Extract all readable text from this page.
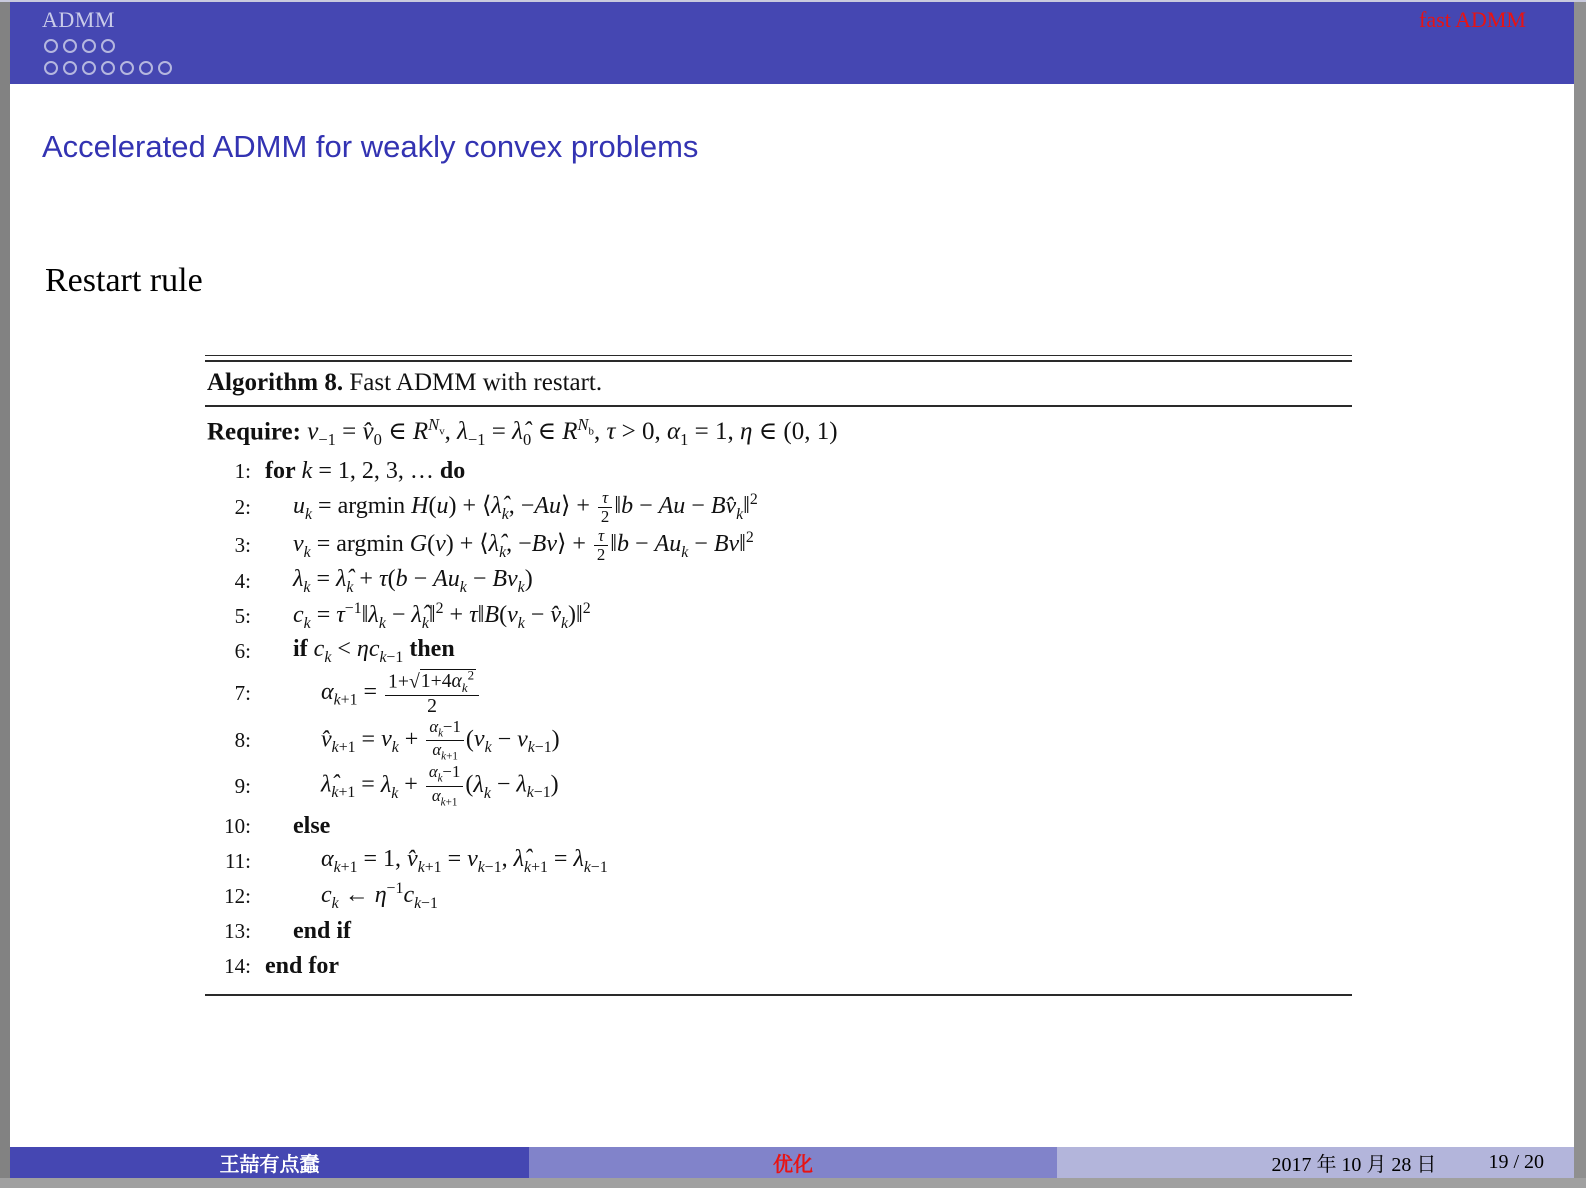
ADMM	fast ADMM
Accelerated ADMM for weakly convex problems
Restart rule
Algorithm 8. Fast ADMM with restart.
Require: $v_{-1}$ = $v̂_0$ ∈ $R^{N_v}$, $\lambda_{-1}$ = $\lambdâ_0$ ∈ $R^{N_b}$, τ > 0, $\alpha_1 = 1$, η ∈ (0, 1)
1: for k = 1, 2, 3, … do
2:	$u_k = argmin$ $H(u) + ⟨\lambdâ_k$, −Au⟩ + $\frac{\tau}{2}$ ‖b − $Au - Bv̂_k‖^2$
3:	$v_k = argmin$ $G(v) + ⟨\lambdâ_k$, −Bv⟩ + $\frac{\tau}{2}$ ‖b − $Au_k$ − Bv‖$^2$
4:	$\lambda_k$ = $\lambdâ_k + \tau(b - Au_k - Bv_k)$
5:	$c_k$ = $\tau^{-1}‖\lambda_k$ − $\lambdâ_k‖^2$ + $\tau‖B(v_k$ − $v̂_k)‖^2$
6:	if $c_k < \eta c_{k-1}$ then
7:	$\alpha_{k+1} = \frac{1+√1+4\alpha_k^2}{2}$
8:	$v̂_{k+1} = v_k + \frac{\alpha_k-1}{\alpha_{k+1}} (v_k - v_{k-1})$
9:	$\lambdâ_{k+1} = \lambda_k + \frac{\alpha_k-1}{\alpha_{k+1}} (\lambda_k - \lambda_{k-1})$
10:	else
11:	$\alpha_{k+1} = 1$, $v̂_{k+1} = v_{k-1}$, $\lambdâ_{k+1} = \lambda_{k-1}$
12:	$c_k$ ← $\eta^{-1}c_{k-1}$
13:	end if
14: end for
王喆有点蠢	优化	2017 年 10 月 28 日	19 / 20
